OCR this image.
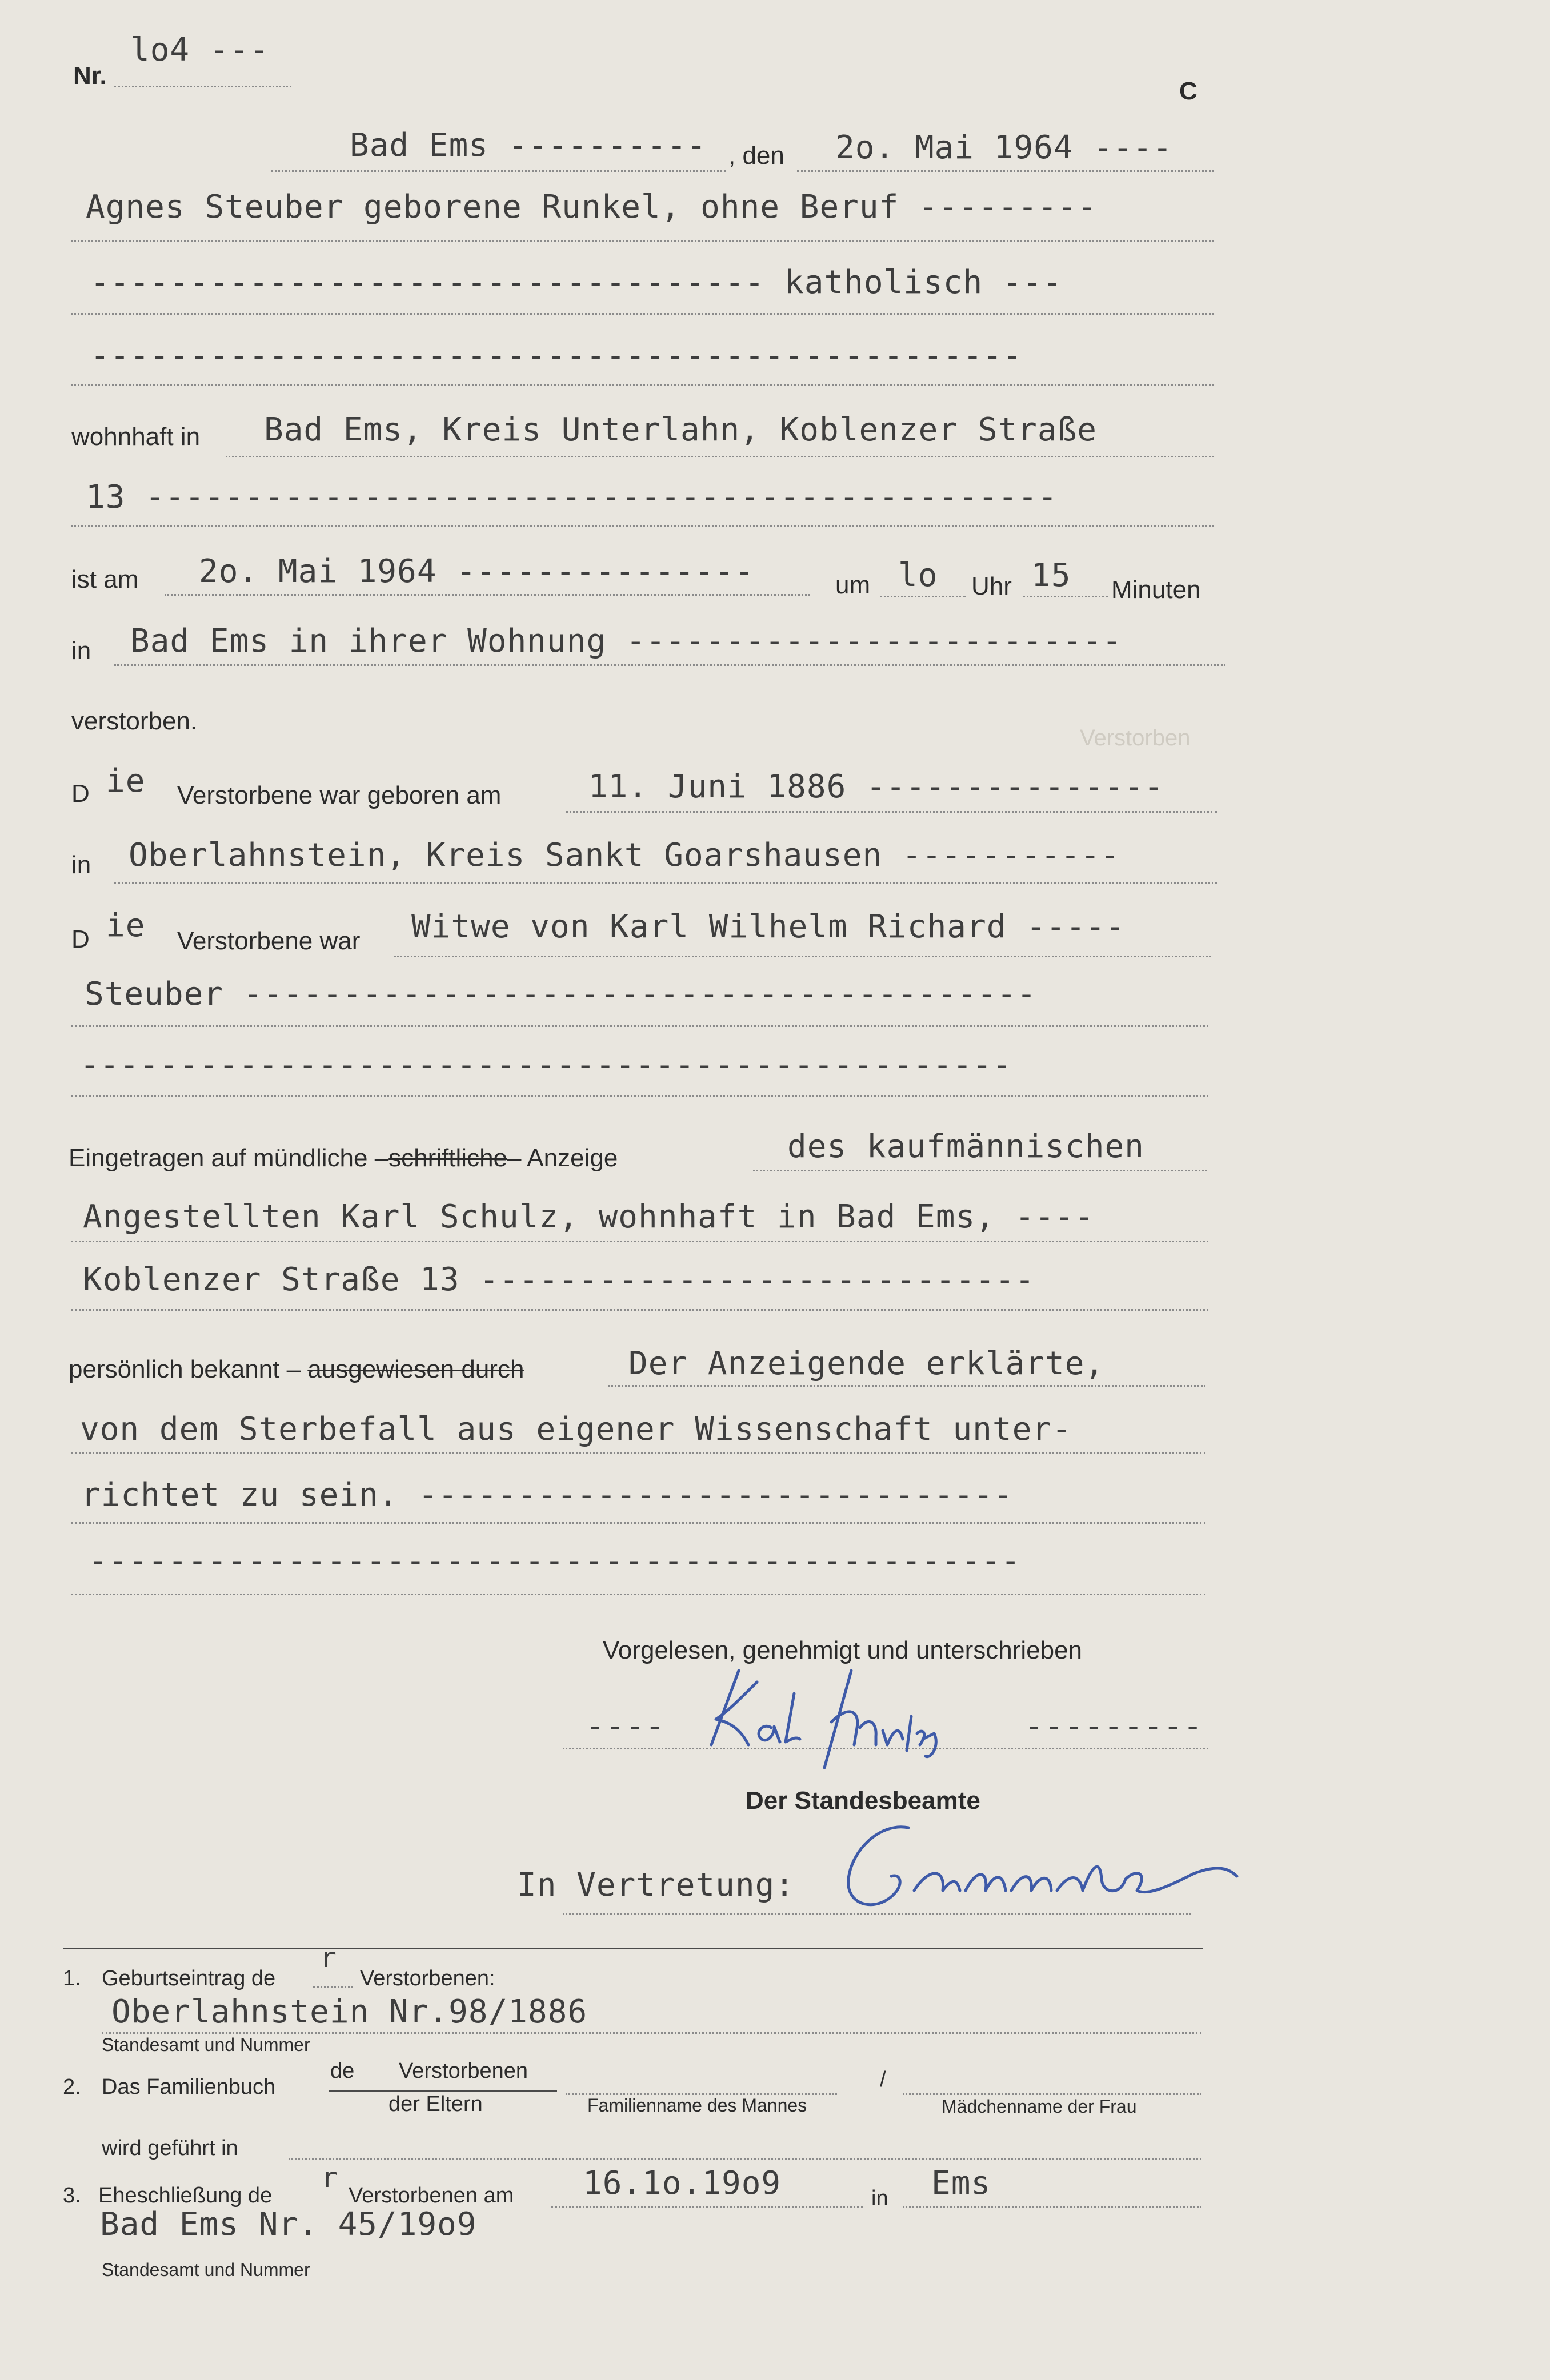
Verstorben
Nr.
lo4 ---
C
Bad Ems ---------- , den 2o. Mai 1964 ----
Agnes Steuber geborene Runkel, ohne Beruf ---------
---------------------------------- katholisch ---
-----------------------------------------------
wohnhaft in Bad Ems, Kreis Unterlahn, Koblenzer Straße
13 ----------------------------------------------
ist am 2o. Mai 1964 ---------------	um lo Uhr 15 Minuten
in Bad Ems in ihrer Wohnung -------------------------
verstorben.
D ie Verstorbene war geboren am	11. Juni 1886 ---------------
in Oberlahnstein, Kreis Sankt Goarshausen -----------
D ie Verstorbene war Witwe von Karl Wilhelm Richard -----
Steuber ----------------------------------------
-----------------------------------------------
Eingetragen auf mündliche –schriftliche– Anzeige	des kaufmännischen
Angestellten Karl Schulz, wohnhaft in Bad Ems, ----
Koblenzer Straße 13 ----------------------------
persönlich bekannt – ausgewiesen durch	Der Anzeigende erklärte,
von dem Sterbefall aus eigener Wissenschaft unter-
richtet zu sein. ------------------------------
-----------------------------------------------
Vorgelesen, genehmigt und unterschrieben
----	---------
Der Standesbeamte
In Vertretung:
1. Geburtseintrag de
r
Verstorbenen:
Oberlahnstein Nr.98/1886
Standesamt und Nummer
2. Das Familienbuch
de Verstorbenen
der Eltern	Familienname des Mannes
/
Mädchenname der Frau
wird geführt in
3. Eheschließung de
r
Verstorbenen am 16.1o.19o9	in Ems
Bad Ems Nr. 45/19o9
Standesamt und Nummer
